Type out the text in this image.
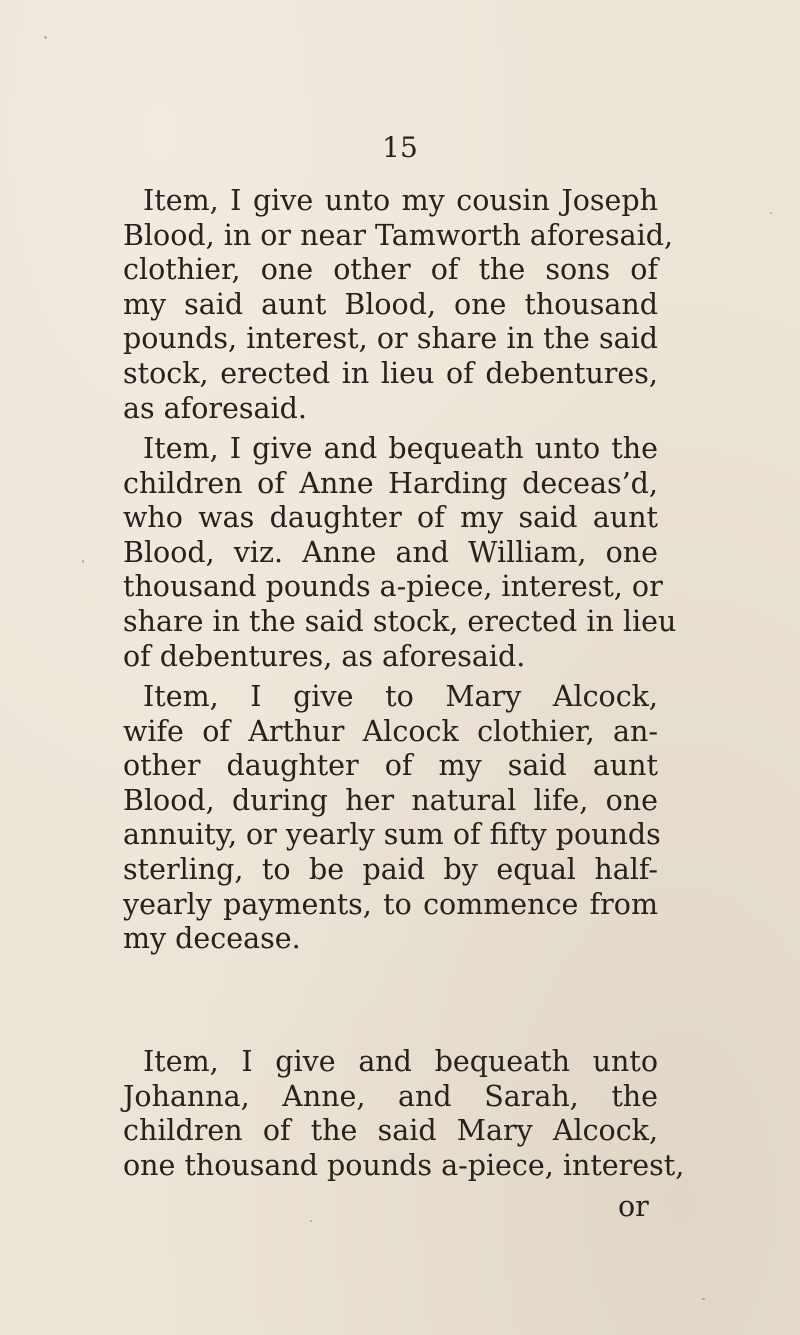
15
Item, I give unto my cousin Joseph
Blood, in or near Tamworth aforesaid,
clothier, one other of the sons of
my said aunt Blood, one thousand
pounds, interest, or share in the said
stock, erected in lieu of debentures,
as aforesaid.
Item, I give and bequeath unto the
children of Anne Harding deceas’d,
who was daughter of my said aunt
Blood, viz. Anne and William, one
thousand pounds a-piece, interest, or
share in the said stock, erected in lieu
of debentures, as aforesaid.
Item, I give to Mary Alcock,
wife of Arthur Alcock clothier, an-
other daughter of my said aunt
Blood, during her natural life, one
annuity, or yearly sum of fifty pounds
sterling, to be paid by equal half-
yearly payments, to commence from
my decease.
Item, I give and bequeath unto
Johanna, Anne, and Sarah, the
children of the said Mary Alcock,
one thousand pounds a-piece, interest,
or
